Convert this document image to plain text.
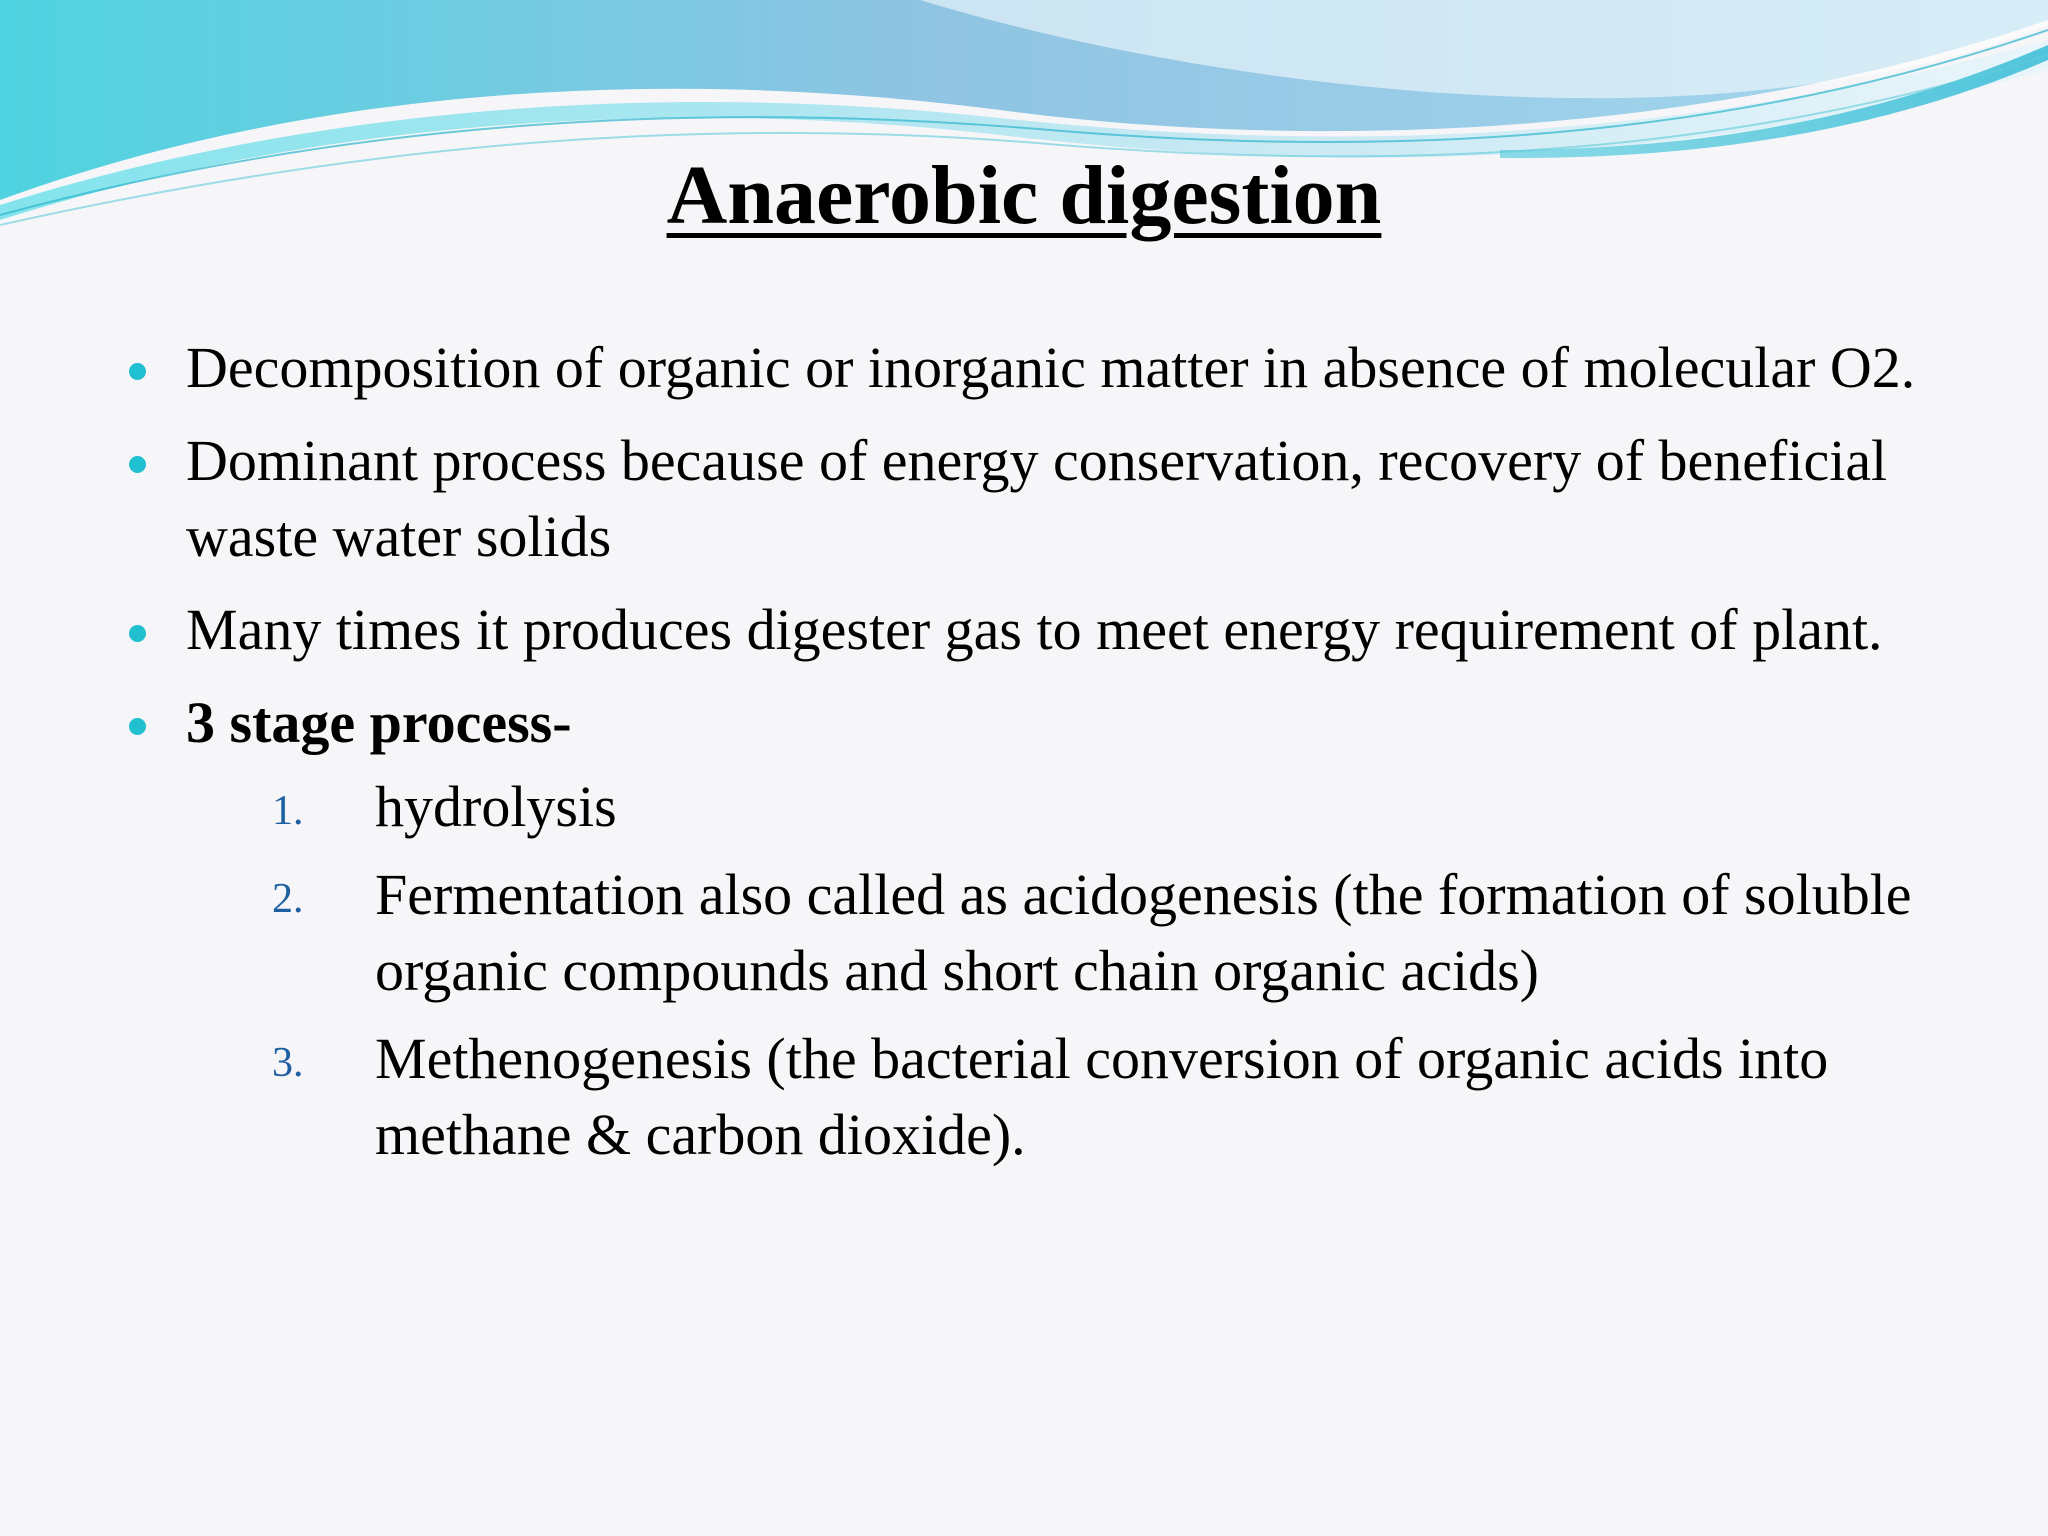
Anaerobic digestion
Decomposition of organic or inorganic matter in absence of molecular O2.
Dominant process because of energy conservation, recovery of beneficial waste water solids
Many times it produces digester gas to meet energy requirement of plant.
3 stage process-
1. hydrolysis
2. Fermentation also called as acidogenesis (the formation of soluble organic compounds and short chain organic acids)
3. Methenogenesis (the bacterial conversion of organic acids into methane & carbon dioxide).
